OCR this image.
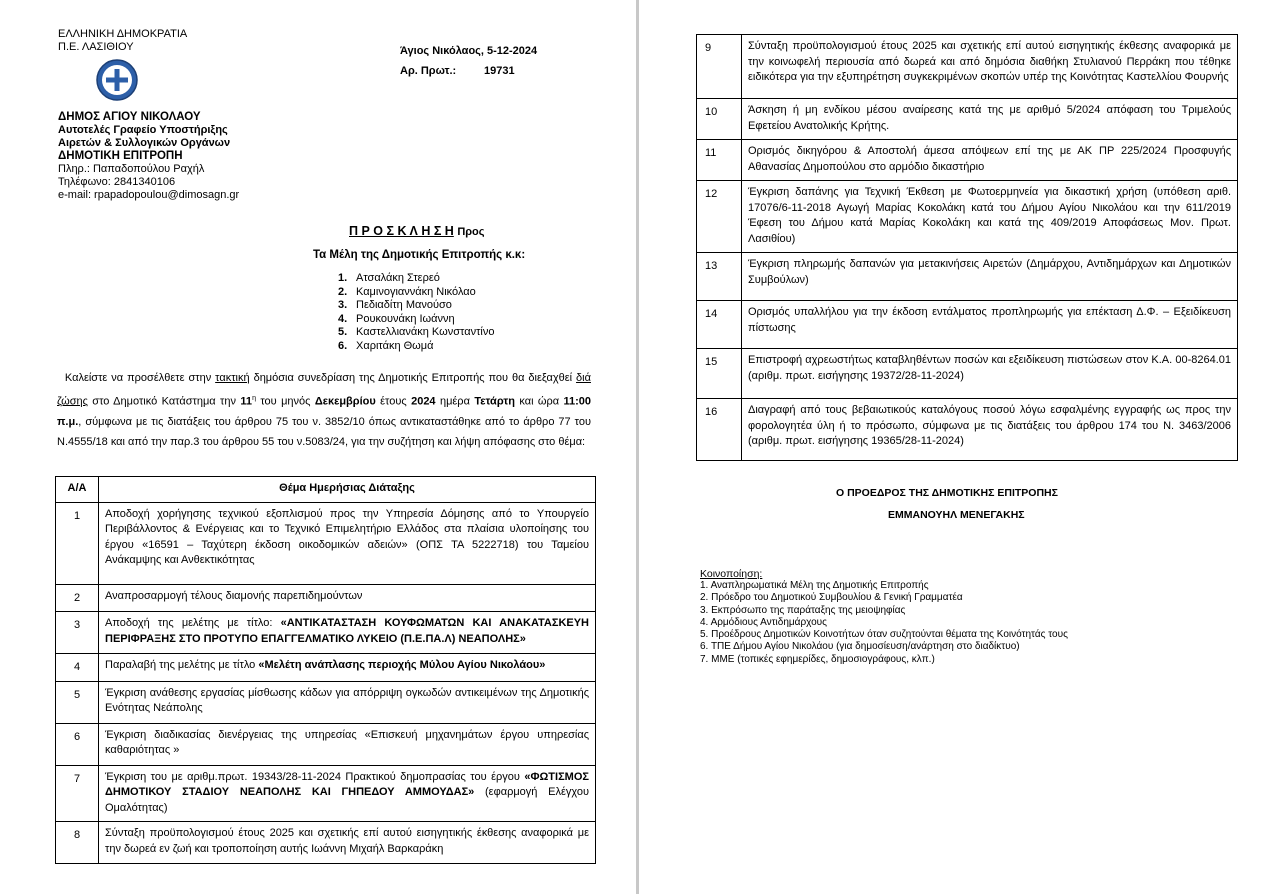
ΕΛΛΗΝΙΚΗ ΔΗΜΟΚΡΑΤΙΑ
Π.Ε. ΛΑΣΙΘΙΟΥ
ΔΗΜΟΣ ΑΓΙΟΥ ΝΙΚΟΛΑΟΥ
Αυτοτελές Γραφείο Υποστήριξης
Αιρετών & Συλλογικών Οργάνων
ΔΗΜΟΤΙΚΗ ΕΠΙΤΡΟΠΗ
Πληρ.: Παπαδοπούλου Ραχήλ
Τηλέφωνο: 2841340106
e-mail: rpapadopoulou@dimosagn.gr
Άγιος Νικόλαος, 5-12-2024
Αρ. Πρωτ.:	19731
Π Ρ Ο Σ Κ Λ Η Σ Η Προς
Τα Μέλη της Δημοτικής Επιτροπής κ.κ:
1. Ατσαλάκη Στερεό
2. Καμινογιαννάκη Νικόλαο
3. Πεδιαδίτη Μανούσο
4. Ρουκουνάκη Ιωάννη
5. Καστελλιανάκη Κωνσταντίνο
6. Χαριτάκη Θωμά
Καλείστε να προσέλθετε στην τακτική δημόσια συνεδρίαση της Δημοτικής Επιτροπής που θα διεξαχθεί διά ζώσης στο Δημοτικό Κατάστημα την $11^\eta$ του μηνός Δεκεμβρίου έτους 2024 ημέρα Τετάρτη και ώρα 11:00 π.μ., σύμφωνα με τις διατάξεις του άρθρου 75 του ν. 3852/10 όπως αντικαταστάθηκε από το άρθρο 77 του Ν.4555/18 και από την παρ.3 του άρθρου 55 του ν.5083/24, για την συζήτηση και λήψη απόφασης στο θέμα:
Α/Α	Θέμα Ημερήσιας Διάταξης
1	Αποδοχή χορήγησης τεχνικού εξοπλισμού προς την Υπηρεσία Δόμησης από το Υπουργείο Περιβάλλοντος & Ενέργειας και το Τεχνικό Επιμελητήριο Ελλάδος στα πλαίσια υλοποίησης του έργου «16591 – Ταχύτερη έκδοση οικοδομικών αδειών» (ΟΠΣ ΤΑ 5222718) του Ταμείου Ανάκαμψης και Ανθεκτικότητας
2	Αναπροσαρμογή τέλους διαμονής παρεπιδημούντων
3	Αποδοχή της μελέτης με τίτλο: «ΑΝΤΙΚΑΤΑΣΤΑΣΗ ΚΟΥΦΩΜΑΤΩΝ ΚΑΙ ΑΝΑΚΑΤΑΣΚΕΥΗ ΠΕΡΙΦΡΑΞΗΣ ΣΤΟ ΠΡΟΤΥΠΟ ΕΠΑΓΓΕΛΜΑΤΙΚΟ ΛΥΚΕΙΟ (Π.Ε.ΠΑ.Λ) ΝΕΑΠΟΛΗΣ»
4	Παραλαβή της μελέτης με τίτλο «Μελέτη ανάπλασης περιοχής Μύλου Αγίου Νικολάου»
5	Έγκριση ανάθεσης εργασίας μίσθωσης κάδων για απόρριψη ογκωδών αντικειμένων της Δημοτικής Ενότητας Νεάπολης
6	Έγκριση διαδικασίας διενέργειας της υπηρεσίας «Επισκευή μηχανημάτων έργου υπηρεσίας καθαριότητας »
7	Έγκριση του με αριθμ.πρωτ. 19343/28-11-2024 Πρακτικού δημοπρασίας του έργου «ΦΩΤΙΣΜΟΣ ΔΗΜΟΤΙΚΟΥ ΣΤΑΔΙΟΥ ΝΕΑΠΟΛΗΣ ΚΑΙ ΓΗΠΕΔΟΥ ΑΜΜΟΥΔΑΣ» (εφαρμογή Ελέγχου Ομαλότητας)
8	Σύνταξη προϋπολογισμού έτους 2025 και σχετικής επί αυτού εισηγητικής έκθεσης αναφορικά με την δωρεά εν ζωή και τροποποίηση αυτής Ιωάννη Μιχαήλ Βαρκαράκη
9	Σύνταξη προϋπολογισμού έτους 2025 και σχετικής επί αυτού εισηγητικής έκθεσης αναφορικά με την κοινωφελή περιουσία από δωρεά και από δημόσια διαθήκη Στυλιανού Περράκη που τέθηκε ειδικότερα για την εξυπηρέτηση συγκεκριμένων σκοπών υπέρ της Κοινότητας Καστελλίου Φουρνής
10	Άσκηση ή μη ενδίκου μέσου αναίρεσης κατά της με αριθμό 5/2024 απόφαση του Τριμελούς Εφετείου Ανατολικής Κρήτης.
11	Ορισμός δικηγόρου & Αποστολή άμεσα απόψεων επί της με ΑΚ ΠΡ 225/2024 Προσφυγής Αθανασίας Δημοπούλου στο αρμόδιο δικαστήριο
12	Έγκριση δαπάνης για Τεχνική Έκθεση με Φωτοερμηνεία για δικαστική χρήση (υπόθεση αριθ. 17076/6-11-2018 Αγωγή Μαρίας Κοκολάκη κατά του Δήμου Αγίου Νικολάου και την 611/2019 Έφεση του Δήμου κατά Μαρίας Κοκολάκη και κατά της 409/2019 Αποφάσεως Μον. Πρωτ. Λασιθίου)
13	Έγκριση πληρωμής δαπανών για μετακινήσεις Αιρετών (Δημάρχου, Αντιδημάρχων και Δημοτικών Συμβούλων)
14	Ορισμός υπαλλήλου για την έκδοση εντάλματος προπληρωμής για επέκταση Δ.Φ. – Εξειδίκευση πίστωσης
15	Επιστροφή αχρεωστήτως καταβληθέντων ποσών και εξειδίκευση πιστώσεων στον Κ.Α. 00-8264.01 (αριθμ. πρωτ. εισήγησης 19372/28-11-2024)
16	Διαγραφή από τους βεβαιωτικούς καταλόγους ποσού λόγω εσφαλμένης εγγραφής ως προς την φορολογητέα ύλη ή το πρόσωπο, σύμφωνα με τις διατάξεις του άρθρου 174 του Ν. 3463/2006 (αριθμ. πρωτ. εισήγησης 19365/28-11-2024)
Ο ΠΡΟΕΔΡΟΣ ΤΗΣ ΔΗΜΟΤΙΚΗΣ ΕΠΙΤΡΟΠΗΣ
ΕΜΜΑΝΟΥΗΛ ΜΕΝΕΓΑΚΗΣ
Κοινοποίηση:
1. Αναπληρωματικά Μέλη της Δημοτικής Επιτροπής
2. Πρόεδρο του Δημοτικού Συμβουλίου & Γενική Γραμματέα
3. Εκπρόσωπο της παράταξης της μειοψηφίας
4. Αρμόδιους Αντιδημάρχους
5. Προέδρους Δημοτικών Κοινοτήτων όταν συζητούνται θέματα της Κοινότητάς τους
6. ΤΠΕ Δήμου Αγίου Νικολάου (για δημοσίευση/ανάρτηση στο διαδίκτυο)
7. ΜΜΕ (τοπικές εφημερίδες, δημοσιογράφους, κλπ.)
